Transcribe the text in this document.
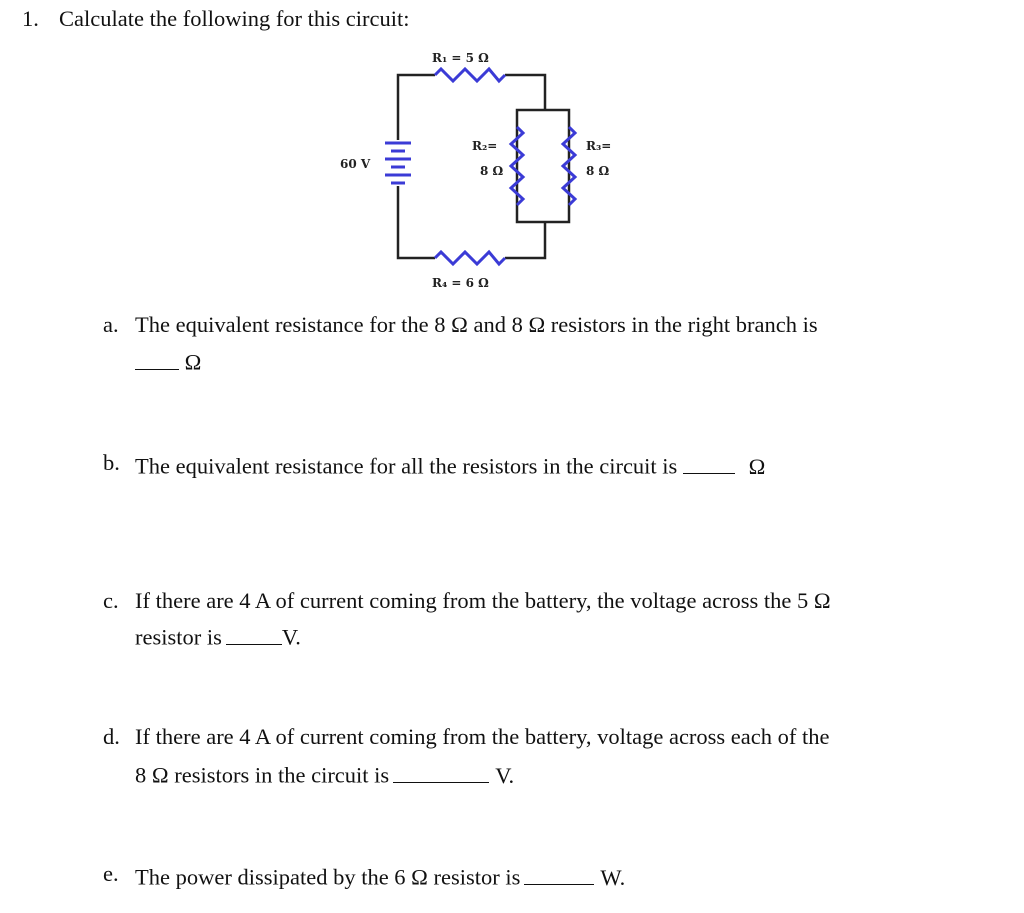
1. Calculate the following for this circuit:
60 V
R₁ = 5 Ω
R₂=
8 Ω
R₃=
8 Ω
R₄ = 6 Ω
a. The equivalent resistance for the 8 Ω and 8 Ω resistors in the right branch is
Ω
b. The equivalent resistance for all the resistors in the circuit is	Ω
c. If there are 4 A of current coming from the battery, the voltage across the 5 Ω
resistor is	V.
d. If there are 4 A of current coming from the battery, voltage across each of the
8 Ω resistors in the circuit is	V.
e. The power dissipated by the 6 Ω resistor is	W.
